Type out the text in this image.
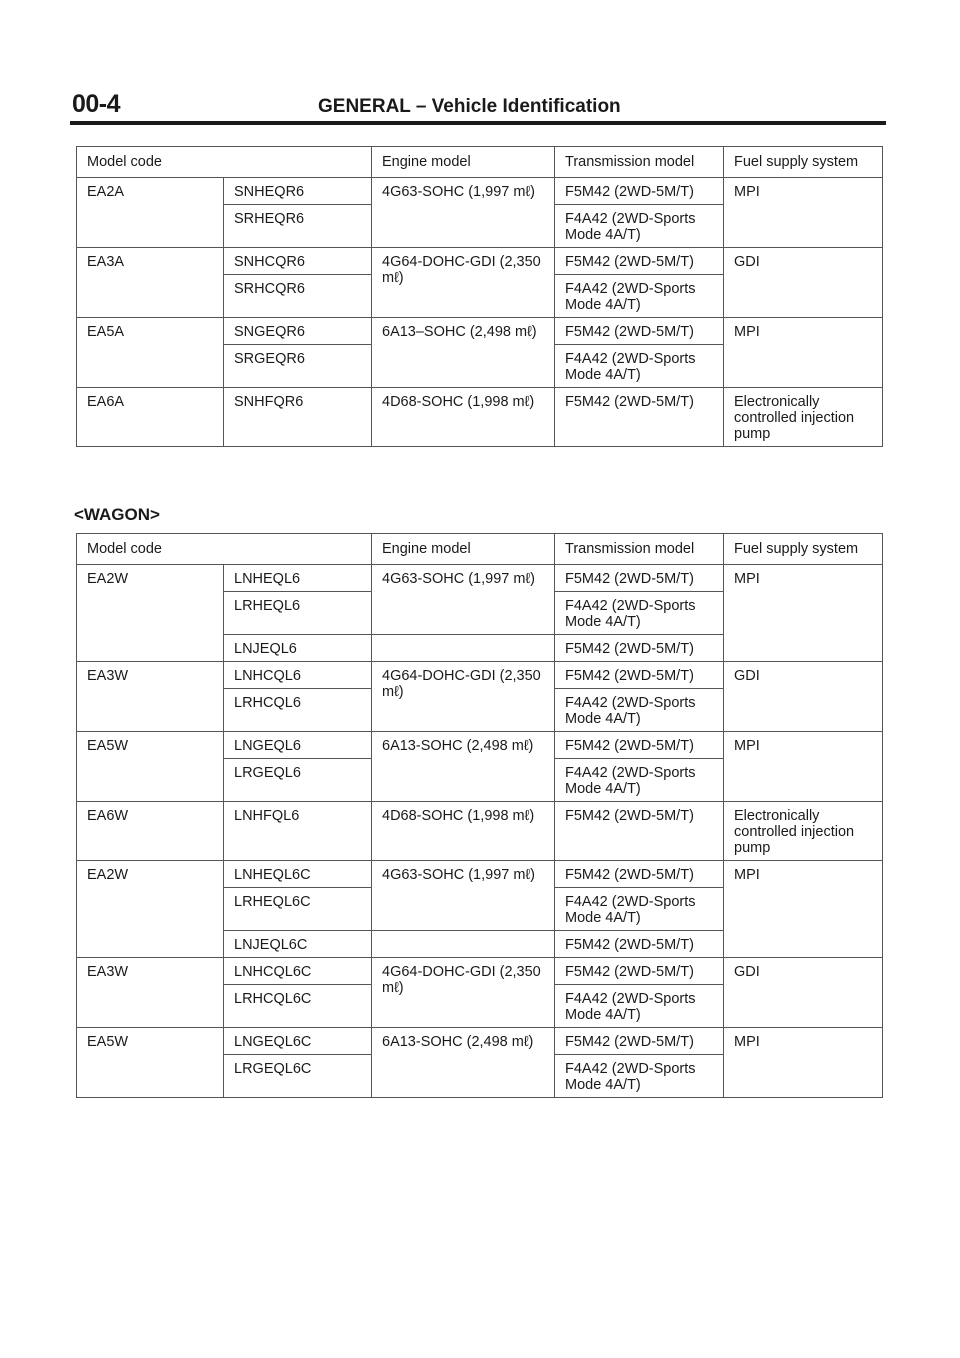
00-4	GENERAL – Vehicle Identification
Model code		Engine model	Transmission model	Fuel supply system
EA2A	SNHEQR6	4G63-SOHC (1,997 mℓ)	F5M42 (2WD-5M/T)	MPI
	SRHEQR6		F4A42 (2WD-Sports Mode 4A/T)	
EA3A	SNHCQR6	4G64-DOHC-GDI (2,350 mℓ)	F5M42 (2WD-5M/T)	GDI
	SRHCQR6		F4A42 (2WD-Sports Mode 4A/T)	
EA5A	SNGEQR6	6A13–SOHC (2,498 mℓ)	F5M42 (2WD-5M/T)	MPI
	SRGEQR6		F4A42 (2WD-Sports Mode 4A/T)	
EA6A	SNHFQR6	4D68-SOHC (1,998 mℓ)	F5M42 (2WD-5M/T)	Electronically controlled injection pump
<WAGON>
Model code		Engine model	Transmission model	Fuel supply system
EA2W	LNHEQL6	4G63-SOHC (1,997 mℓ)	F5M42 (2WD-5M/T)	MPI
	LRHEQL6		F4A42 (2WD-Sports Mode 4A/T)	
	LNJEQL6		F5M42 (2WD-5M/T)	
EA3W	LNHCQL6	4G64-DOHC-GDI (2,350 mℓ)	F5M42 (2WD-5M/T)	GDI
	LRHCQL6		F4A42 (2WD-Sports Mode 4A/T)	
EA5W	LNGEQL6	6A13-SOHC (2,498 mℓ)	F5M42 (2WD-5M/T)	MPI
	LRGEQL6		F4A42 (2WD-Sports Mode 4A/T)	
EA6W	LNHFQL6	4D68-SOHC (1,998 mℓ)	F5M42 (2WD-5M/T)	Electronically controlled injection pump
EA2W	LNHEQL6C	4G63-SOHC (1,997 mℓ)	F5M42 (2WD-5M/T)	MPI
	LRHEQL6C		F4A42 (2WD-Sports Mode 4A/T)	
	LNJEQL6C		F5M42 (2WD-5M/T)	
EA3W	LNHCQL6C	4G64-DOHC-GDI (2,350 mℓ)	F5M42 (2WD-5M/T)	GDI
	LRHCQL6C		F4A42 (2WD-Sports Mode 4A/T)	
EA5W	LNGEQL6C	6A13-SOHC (2,498 mℓ)	F5M42 (2WD-5M/T)	MPI
	LRGEQL6C		F4A42 (2WD-Sports Mode 4A/T)	
